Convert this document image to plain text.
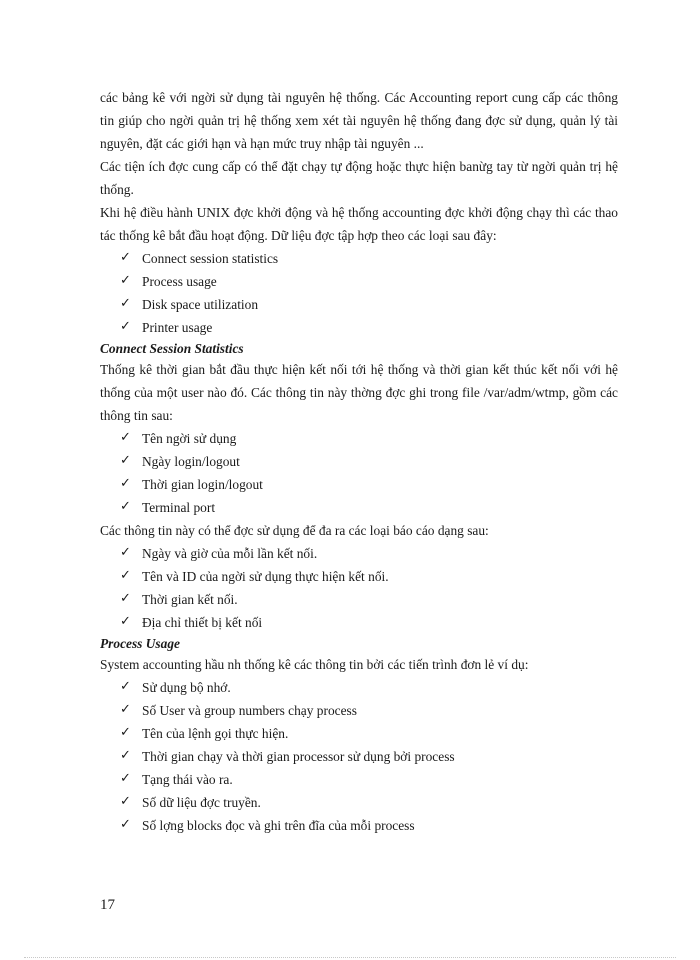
các bảng kê với ngời sử dụng tài nguyên hệ thống. Các Accounting report cung cấp các thông tin giúp cho ngời quản trị hệ thống xem xét tài nguyên hệ thống đang đợc sử dụng, quản lý tài nguyên, đặt các giới hạn và hạn mức truy nhập tài nguyên ...

Các tiện ích đợc cung cấp có thể đặt chạy tự động hoặc thực hiện banừg tay từ ngời quản trị hệ thống.

Khi hệ điều hành UNIX đợc khởi động và hệ thống accounting đợc khởi động chạy thì các thao tác thống kê bắt đầu hoạt động. Dữ liệu đợc tập hợp theo các loại sau đây:

✓ Connect session statistics
✓ Process usage
✓ Disk space utilization
✓ Printer usage

Connect Session Statistics

Thống kê thời gian bắt đầu thực hiện kết nối tới hệ thống và thời gian kết thúc kết nối với hệ thống của một user nào đó. Các thông tin này thờng đợc ghi trong file /var/adm/wtmp, gồm các thông tin sau:

✓ Tên ngời sử dụng
✓ Ngày login/logout
✓ Thời gian login/logout
✓ Terminal port

Các thông tin này có thể đợc sử dụng để đa ra các loại báo cáo dạng sau:

✓ Ngày và giờ của mỗi lần kết nối.
✓ Tên và ID của ngời sử dụng thực hiện kết nối.
✓ Thời gian kết nối.
✓ Địa chỉ thiết bị kết nối

Process Usage

System accounting hầu nh thống kê các thông tin bởi các tiến trình đơn lẻ ví dụ:

✓ Sử dụng bộ nhớ.
✓ Số User và group numbers chạy process
✓ Tên của lệnh gọi thực hiện.
✓ Thời gian chạy và thời gian processor sử dụng bởi process
✓ Tạng thái vào ra.
✓ Số dữ liệu đợc truyền.
✓ Số lợng blocks đọc và ghi trên đĩa của mỗi process
17
